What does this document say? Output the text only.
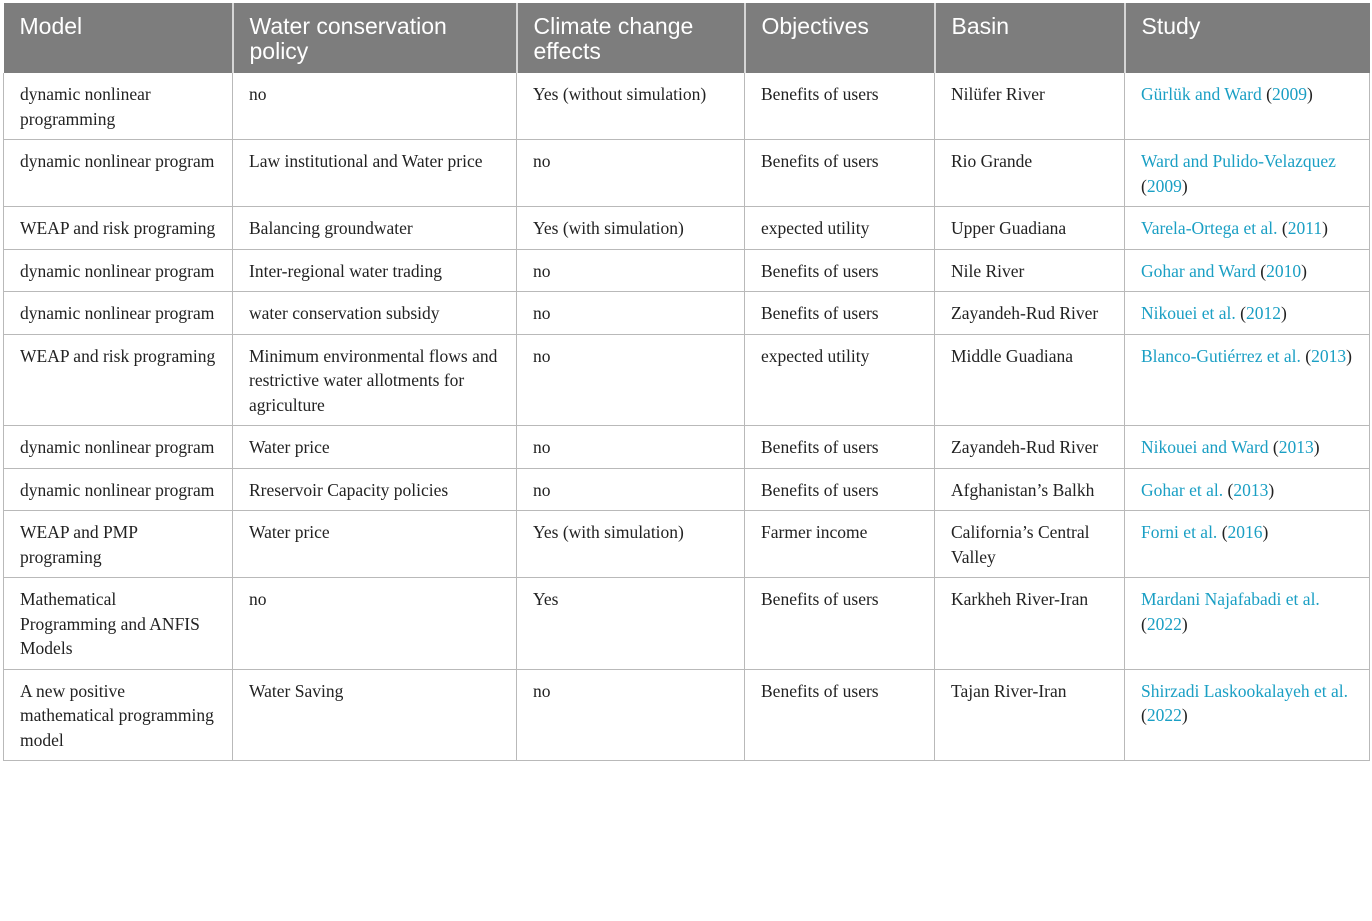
Model	Water conservation policy	Climate change effects	Objectives	Basin	Study
dynamic nonlinear programming	no	Yes (without simulation)	Benefits of users	Nilüfer River	Gürlük and Ward (2009)
dynamic nonlinear program	Law institutional and Water price	no	Benefits of users	Rio Grande	Ward and Pulido-Velazquez (2009)
WEAP and risk programing	Balancing groundwater	Yes (with simulation)	expected utility	Upper Guadiana	Varela-Ortega et al. (2011)
dynamic nonlinear program	Inter-regional water trading	no	Benefits of users	Nile River	Gohar and Ward (2010)
dynamic nonlinear program	water conservation subsidy	no	Benefits of users	Zayandeh-Rud River	Nikouei et al. (2012)
WEAP and risk programing	Minimum environmental flows and restrictive water allotments for agriculture	no	expected utility	Middle Guadiana	Blanco-Gutiérrez et al. (2013)
dynamic nonlinear program	Water price	no	Benefits of users	Zayandeh-Rud River	Nikouei and Ward (2013)
dynamic nonlinear program	Rreservoir Capacity policies	no	Benefits of users	Afghanistan’s Balkh	Gohar et al. (2013)
WEAP and PMP programing	Water price	Yes (with simulation)	Farmer income	California’s Central Valley	Forni et al. (2016)
Mathematical Programming and ANFIS Models	no	Yes	Benefits of users	Karkheh River-Iran	Mardani Najafabadi et al. (2022)
A new positive mathematical programming model	Water Saving	no	Benefits of users	Tajan River-Iran	Shirzadi Laskookalayeh et al. (2022)
